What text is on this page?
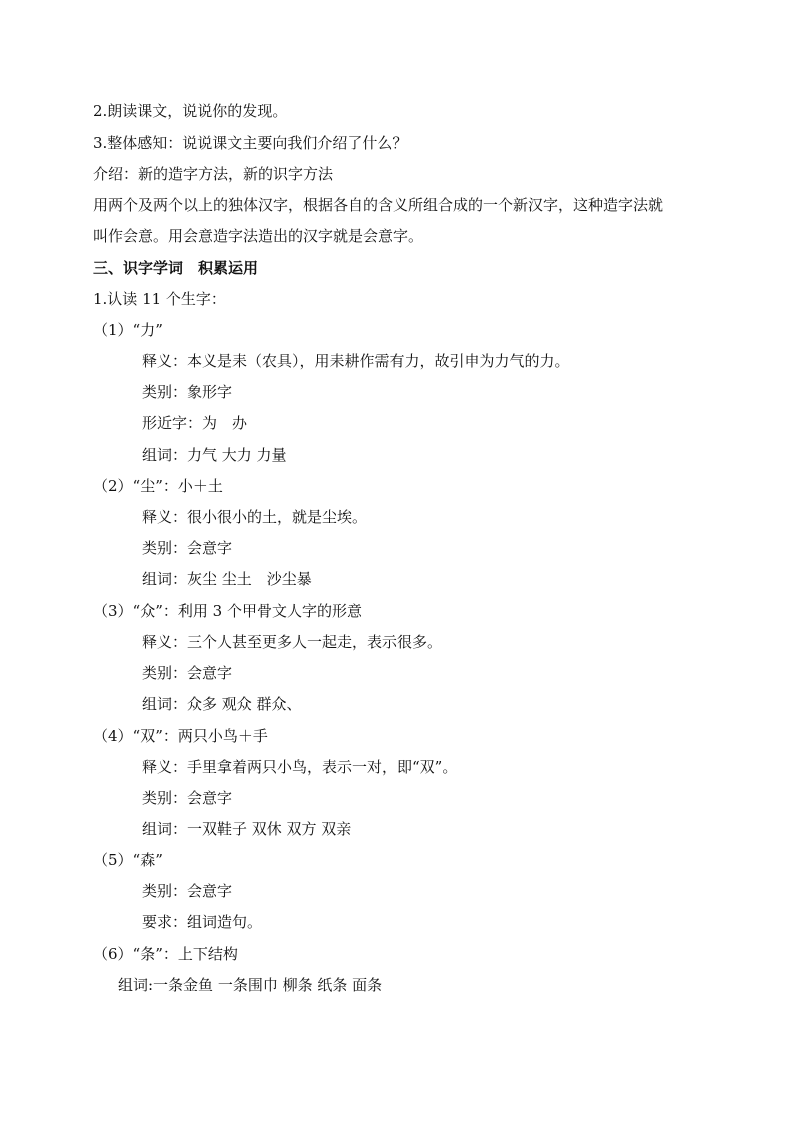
2.朗读课文，说说你的发现。
3.整体感知：说说课文主要向我们介绍了什么？
介绍：新的造字方法，新的识字方法
用两个及两个以上的独体汉字，根据各自的含义所组合成的一个新汉字，这种造字法就
叫作会意。用会意造字法造出的汉字就是会意字。
三、识字学词　积累运用
1.认读 11 个生字：
（1）“力”
释义：本义是耒（农具），用耒耕作需有力，故引申为力气的力。
类别：象形字
形近字：为　办
组词：力气 大力 力量
（2）“尘”：小＋土
释义：很小很小的土，就是尘埃。
类别：会意字
组词：灰尘 尘土　沙尘暴
（3）“众”：利用 3 个甲骨文人字的形意
释义：三个人甚至更多人一起走，表示很多。
类别：会意字
组词：众多 观众 群众、
（4）“双”：两只小鸟＋手
释义：手里拿着两只小鸟，表示一对，即“双”。
类别：会意字
组词：一双鞋子 双休 双方 双亲
（5）“森”
类别：会意字
要求：组词造句。
（6）“条”：上下结构
组词:一条金鱼 一条围巾 柳条 纸条 面条
